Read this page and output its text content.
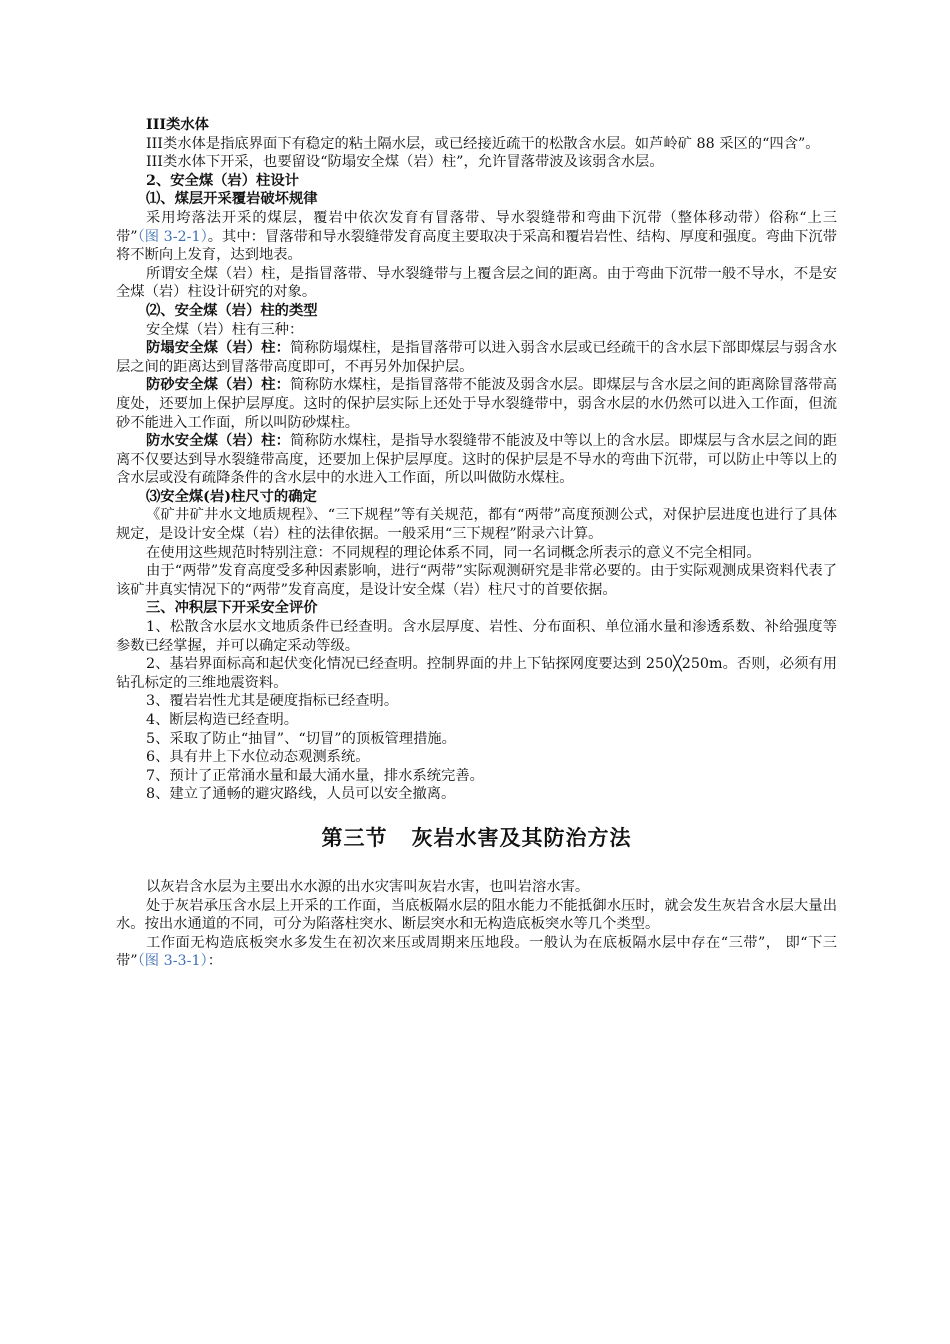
III类水体

III类水体是指底界面下有稳定的粘土隔水层，或已经接近疏干的松散含水层。如芦岭矿 88 采区的“四含”。

III类水体下开采，也要留设“防塌安全煤（岩）柱”，允许冒落带波及该弱含水层。

2、安全煤（岩）柱设计

⑴、煤层开采覆岩破坏规律

采用垮落法开采的煤层，覆岩中依次发育有冒落带、导水裂缝带和弯曲下沉带（整体移动带）俗称“上三带”（图 3-2-1）。其中：冒落带和导水裂缝带发育高度主要取决于采高和覆岩岩性、结构、厚度和强度。弯曲下沉带将不断向上发育，达到地表。

所谓安全煤（岩）柱，是指冒落带、导水裂缝带与上覆含层之间的距离。由于弯曲下沉带一般不导水，不是安全煤（岩）柱设计研究的对象。

⑵、安全煤（岩）柱的类型

安全煤（岩）柱有三种：

防塌安全煤（岩）柱：简称防塌煤柱，是指冒落带可以进入弱含水层或已经疏干的含水层下部即煤层与弱含水层之间的距离达到冒落带高度即可，不再另外加保护层。

防砂安全煤（岩）柱：简称防水煤柱，是指冒落带不能波及弱含水层。即煤层与含水层之间的距离除冒落带高度处，还要加上保护层厚度。这时的保护层实际上还处于导水裂缝带中，弱含水层的水仍然可以进入工作面，但流砂不能进入工作面，所以叫防砂煤柱。

防水安全煤（岩）柱：简称防水煤柱，是指导水裂缝带不能波及中等以上的含水层。即煤层与含水层之间的距离不仅要达到导水裂缝带高度，还要加上保护层厚度。这时的保护层是不导水的弯曲下沉带，可以防止中等以上的含水层或没有疏降条件的含水层中的水进入工作面，所以叫做防水煤柱。

⑶安全煤(岩)柱尺寸的确定

《矿井矿井水文地质规程》、“三下规程”等有关规范，都有“两带”高度预测公式，对保护层进度也进行了具体规定，是设计安全煤（岩）柱的法律依据。一般采用“三下规程”附录六计算。

在使用这些规范时特别注意：不同规程的理论体系不同，同一名词概念所表示的意义不完全相同。

由于“两带”发育高度受多种因素影响，进行“两带”实际观测研究是非常必要的。由于实际观测成果资料代表了该矿井真实情况下的“两带”发育高度，是设计安全煤（岩）柱尺寸的首要依据。

三、冲积层下开采安全评价

1、松散含水层水文地质条件已经查明。含水层厚度、岩性、分布面积、单位涌水量和渗透系数、补给强度等参数已经掌握，并可以确定采动等级。

2、基岩界面标高和起伏变化情况已经查明。控制界面的井上下钻探网度要达到 250╳250m。否则，必须有用钻孔标定的三维地震资料。

3、覆岩岩性尤其是硬度指标已经查明。

4、断层构造已经查明。

5、采取了防止“抽冒”、“切冒”的顶板管理措施。

6、具有井上下水位动态观测系统。

7、预计了正常涌水量和最大涌水量，排水系统完善。

8、建立了通畅的避灾路线，人员可以安全撤离。

第三节 灰岩水害及其防治方法

以灰岩含水层为主要出水水源的出水灾害叫灰岩水害，也叫岩溶水害。

处于灰岩承压含水层上开采的工作面，当底板隔水层的阻水能力不能抵御水压时，就会发生灰岩含水层大量出水。按出水通道的不同，可分为陷落柱突水、断层突水和无构造底板突水等几个类型。

工作面无构造底板突水多发生在初次来压或周期来压地段。一般认为在底板隔水层中存在“三带”， 即“下三带”（图 3-3-1）：
